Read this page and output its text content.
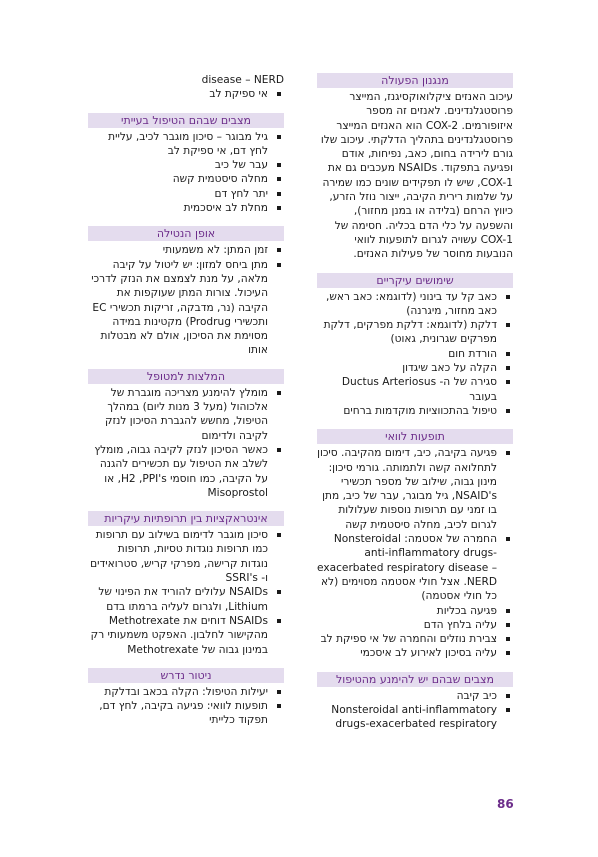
מנגנון הפעולה

עיכוב האנזים ציקלואוקסיגנז, המייצר פרוסטגלנדינים. לאנזים זה מספר איזופורמים. COX-2 הוא האנזים המייצר פרוסטגלנדינים בתהליך הדלקתי. עיכוב שלו גורם לירידה בחום, כאב, נפיחות, אודם ופגיעה בתפקוד. NSAIDs מעכבים גם את COX-1, שיש לו תפקידים שונים כמו שמירה על שלמות רירית הקיבה, ייצור נוזל הזרע, כיווץ הרחם (בלידה או במנן מחזור), והשפעה על כלי הדם בכליה. חסימה של COX-1 עשויה לגרום לתופעות לוואי הנובעות מחוסר של פעילות האנזים.

שימושים עיקריים
כאב קל עד בינוני (לדוגמא: כאב ראש, כאב מחזור, מיגרנה)
דלקת (לדוגמא: דלקת מפרקים, דלקת מפרקים שגרונית, גאוט)
הורדת חום
הקלה על כאב שיגדון
סגירה של ה- Ductus Arteriosus בעובר
טיפול בהתכווציות מוקדמות ברחים
תופעות לוואי
פגיעה בקיבה, כיב, דימום מהקיבה. סיכון לתחלואה קשה ולתמותה. גורמי סיכון: מינון גבוה, שילוב של מספר תכשירי NSAID's, גיל מבוגר, עבר של כיב, מתן בו זמני עם תרופות נוספות שעלולות לגרום לכיב, מחלה סיסטמית קשה
החמרה של אסטמה: Nonsteroidal anti-inflammatory drugs-exacerbated respiratory disease – NERD. אצל חולי אסטמה מסוימים (לא כל חולי אסטמה)
פגיעה בכליות
עליה בלחץ הדם
צבירת נוזלים והחמרה של אי ספיקת לב
עליה בסיכון לאירוע לב איסכמי
מצבים שבהם יש להימנע מהטיפול
כיב קיבה
Nonsteroidal anti-inflammatory drugs-exacerbated respiratory

disease – NERD

אי ספיקת לב
מצבים שבהם הטיפול בעייתי
גיל מבוגר – סיכון מוגבר לכיב, עליית לחץ דם, אי ספיקת לב
עבר של כיב
מחלה סיסטמית קשה
יתר לחץ דם
מחלת לב איסכמית
אופן הנטילה
זמן המתן: לא משמעותי
מתן ביחס למזון: יש ליטול על קיבה מלאה, על מנת לצמצם את הנזק לדרכי העיכול. צורות המתן שעוקפות את הקיבה (נר, מדבקה, זריקות תכשירי EC ותכשירי Prodrug) מקטינות במידה מסוימת את הסיכון, אולם לא מבטלות אותו
המלצות למטופל
מומלץ להימנע מצריכה מוגברת של אלכוהול (מעל 3 מנות ליום) במהלך הטיפול, מחשש להגברת הסיכון לנזק לקיבה ולדימום
כאשר הסיכון לנזק לקיבה גבוה, מומלץ לשלב את הטיפול עם תכשירים להגנה על הקיבה, כמו חוסמי H2 ,PPI's, או Misoprostol
אינטראקציות בין תרופתיות עיקריות
סיכון מוגבר לדימום בשילוב עם תרופות כמו תרופות נוגדות טסיות, תרופות נוגדות קרישה, מפרקי קריש, סטרואידים ו- SSRI's
NSAIDs עלולים להוריד את הפינוי של Lithium, ולגרום לעליה ברמתו בדם
NSAIDs דוחים את Methotrexate מהקישור לחלבון. האפקט משמעותי רק במינון גבוה של Methotrexate
ניטור נדרש
יעילות הטיפול: הקלה בכאב ובדלקת
תופעות לוואי: פגיעה בקיבה, לחץ דם, תפקוד כלייתי
86
